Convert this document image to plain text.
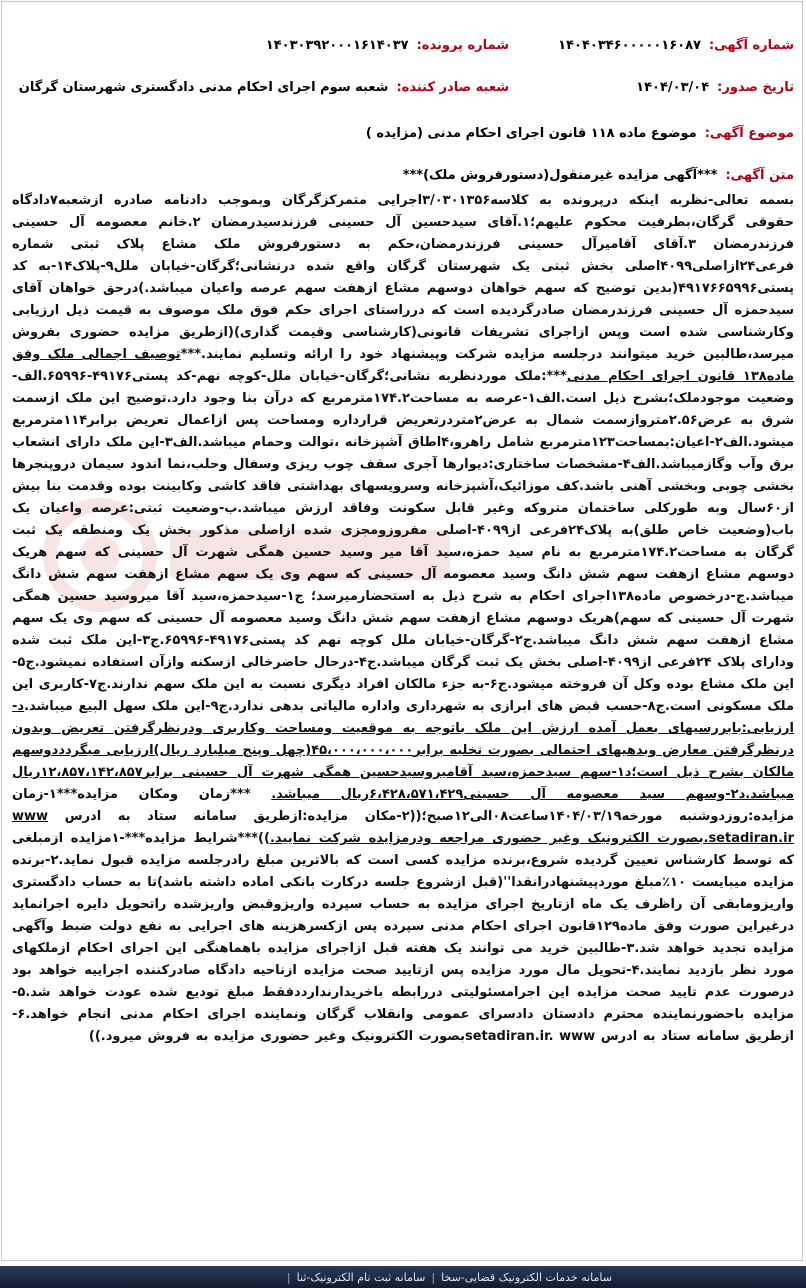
شماره آگهی:
۱۴۰۴۰۳۴۶۰۰۰۰۰۱۶۰۸۷
شماره پرونده:
۱۴۰۳۰۳۹۲۰۰۰۱۶۱۴۰۳۷
تاریخ صدور:
۱۴۰۴/۰۳/۰۴
شعبه صادر کننده:
شعبه سوم اجرای احکام مدنی دادگستری شهرستان گرگان
موضوع آگهی:
موضوع ماده ۱۱۸ قانون اجرای احکام مدنی (مزایده )
متن آگهی:
***آگهی مزایده غیرمنقول(دستورفروش ملک)***
بسمه تعالی-نظربه اینکه درپرونده به کلاسه۳/۰۳۰۱۳۵۶اجرایی متمرکزگرگان وبموجب دادنامه صادره ازشعبه۷دادگاه حقوقی گرگان،بطرفیت محکوم علیهم؛۱.آقای سیدحسین آل حسینی فرزندسیدرمضان ۲.خانم معصومه آل حسینی فرزندرمضان ۳.آقای آقامیرآل حسینی فرزندرمضان،حکم به دستورفروش ملک مشاع پلاک ثبتی شماره فرعی۲۴ازاصلی۴۰۹۹اصلی بخش ثبتی یک شهرستان گرگان واقع شده درنشانی؛گرگان-خیابان ملل۹-پلاک۱۴-به کد پستی۴۹۱۷۶۶۵۹۹۶(بدین توضیح که سهم خواهان دوسهم مشاع ازهفت سهم عرصه واعیان میباشد.)درحق خواهان آقای سیدحمزه آل حسینی فرزندرمضان صادرگردیده است که درراستای اجرای حکم فوق ملک موصوف به قیمت ذیل ارزیابی وکارشناسی شده است وپس ازاجرای تشریفات قانونی(کارشناسی وقیمت گذاری)(ازطریق مزایده حضوری بفروش میرسد،طالبین خرید میتوانند درجلسه مزایده شرکت وپیشنهاد خود را ارائه وتسلیم نمایند.***توصیف اجمالی ملک وفق ماده۱۳۸ قانون اجرای احکام مدنی***:ملک موردنظربه نشانی؛گرگان-خیابان ملل-کوچه نهم-کد پستی۴۹۱۷۶-۶۵۹۹۶.الف-وضعیت موجودملک؛بشرح ذیل است.الف۱-عرصه به مساحت۱۷۴.۲مترمربع که درآن بنا وجود دارد.توضیح این ملک ازسمت شرق به عرض۲.۵۶متروازسمت شمال به عرض۲متردرتعریض قرارداره ومساحت پس ازاعمال تعریض برابر۱۱۴مترمربع میشود.الف۲-اعیان:بمساحت۱۲۳مترمربع شامل راهرو،۴اطاق آشپزخانه ،توالت وحمام میباشد.الف۳-این ملک دارای انشعاب برق وآب وگازمیباشد.الف۴-مشخصات ساختاری:دیوارها آجری سقف چوب ریزی وسفال وحلب،نما اندود سیمان دروپنجرها بخشی چوبی وبخشی آهنی باشد.کف موزائیک،آشپزخانه وسرویسهای بهداشتی فاقد کاشی وکابینت بوده وقدمت بنا بیش از۶۰سال وبه طورکلی ساختمان متروکه وغیر قابل سکونت وفاقد ارزش میباشد.ب-وضعیت ثبتی:عرصه واعیان یک باب(وضعیت خاص طلق)به پلاک۲۴فرعی از۴۰۹۹-اصلی مفروزومجزی شده ازاصلی مذکور بخش یک ومنطقه یک ثبت گرگان به مساحت۱۷۴.۲مترمربع به نام سید حمزه،سید آقا میر وسید حسین همگی شهرت آل حسینی که سهم هریک دوسهم مشاع ازهفت سهم شش دانگ وسید معصومه آل حسینی که سهم وی یک سهم مشاع ازهفت سهم شش دانگ میباشد.ج-درخصوص ماده۱۳۸اجرای احکام به شرح ذیل به استحضارمیرسد؛ ج۱-سیدحمزه،سید آقا میروسید حسین همگی شهرت آل حسینی که سهم)هریک دوسهم مشاع ازهفت سهم شش دانگ وسید معصومه آل حسینی که سهم وی یک سهم مشاع ازهفت سهم شش دانگ میباشد.ج۲-گرگان-خیابان ملل کوچه نهم کد پستی۴۹۱۷۶-۶۵۹۹۶.ج۳-این ملک ثبت شده ودارای پلاک ۲۴فرعی از۴۰۹۹-اصلی بخش یک ثبت گرگان میباشد.ج۴-درحال حاضرخالی ازسکنه وازآن استفاده نمیشود.ج۵-این ملک مشاع بوده وکل آن فروخته میشود.ج۶-به جزء مالکان افراد دیگری نسبت به این ملک سهم ندارند.ج۷-کاربری این ملک مسکونی است.ج۸-حسب قبض های ابرازی به شهرداری واداره مالیاتی بدهی ندارد.ج۹-این ملک سهل البیع میباشد.د-ارزیابی:بابررسیهای بعمل آمده ارزش این ملک باتوجه به موقعیت ومساحت وکاربری ودرنظرگرفتن تعریض وبدون درنظرگرفتن معارض وبدهیهای احتمالی بصورت تخلیه برابر۴۵،۰۰۰،۰۰۰،۰۰۰(چهل وپنج میلیارد ریال)ارزیابی میگردددوسهم مالکان بشرح ذیل است؛د۱-سهم سیدحمزه،سید آقامیروسیدحسین همگی شهرت آل حسینی برابر۱۲،۸۵۷،۱۴۲،۸۵۷ریال میباشد.د۲-وسهم سید معصومه آل حسینی۶،۴۲۸،۵۷۱،۴۲۹ریال میباشد. ***زمان ومکان مزایده***۱-زمان مزایده:روزدوشنبه مورخه۱۴۰۴/۰۳/۱۹ساعت۰۸الی۱۲صبح؛((۲-مکان مزایده:ازطریق سامانه ستاد به ادرس www .setadiran.irبصورت الکترونیک وغیر حضوری مراجعه ودرمزایده شرکت نمایید.))***شرایط مزایده***-۱مزایده ازمبلغی که توسط کارشناس تعیین گردیده شروع،برنده مزایده کسی است که بالاترین مبلغ رادرجلسه مزایده قبول نماید.۲-برنده مزایده میبایست ۱۰٪مبلغ موردپیشنهادرانقدا''(قبل ازشروع جلسه درکارت بانکی اماده داشته باشد)تا به حساب دادگستری واریزومابقی آن راظرف یک ماه ازتاریخ اجرای مزایده به حساب سپرده واریزوقبض واریزشده راتحویل دایره اجرانماید درغیراین صورت وفق ماده۱۲۹قانون اجرای احکام مدنی سپرده پس ازکسرهزینه های اجرایی به نفع دولت ضبط وآگهی مزایده تجدید خواهد شد.۳-طالبین خرید می توانند یک هفته قبل ازاجرای مزایده باهماهنگی این اجرای احکام ازملکهای مورد نظر بازدید نمایند.۴-تحویل مال مورد مزایده پس ازتایید صحت مزایده ازناحیه دادگاه صادرکننده اجراییه خواهد بود درصورت عدم تایید صحت مزایده این اجرامسئولیتی دررابطه باخریدارندارددفقط مبلغ تودیع شده عودت خواهد شد.۵-مزایده باحضورنماینده محترم دادستان دادسرای عمومی وانقلاب گرگان ونماینده اجرای احکام مدنی انجام خواهد.۶-ازطریق سامانه ستاد به ادرس setadiran.ir. wwwبصورت الکترونیک وغیر حضوری مزایده به فروش میرود.))
سامانه خدمات الکترونیک قضایی-سخا
|
سامانه ثبت نام الکترونیک-ثنا
|
